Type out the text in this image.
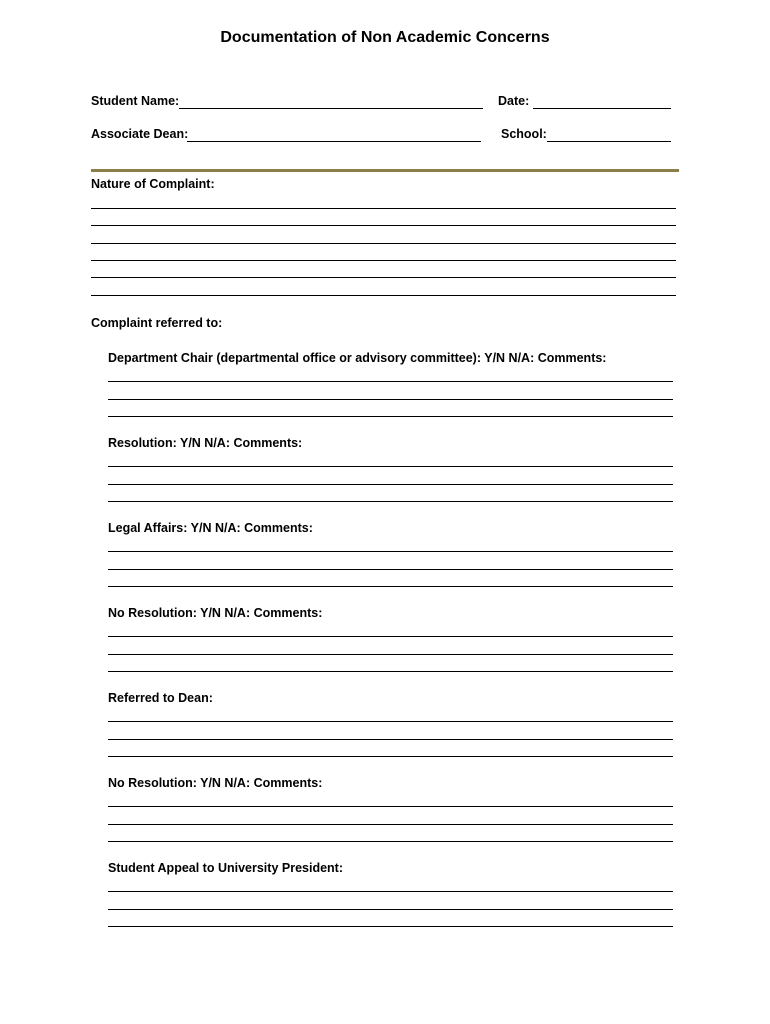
Documentation of Non Academic Concerns
Student Name:	Date:
Associate Dean:	School:
Nature of Complaint:
Complaint referred to:
Department Chair (departmental office or advisory committee): Y/N N/A: Comments:
Resolution: Y/N N/A: Comments:
Legal Affairs: Y/N N/A: Comments:
No Resolution: Y/N N/A: Comments:
Referred to Dean:
No Resolution: Y/N N/A: Comments:
Student Appeal to University President:
